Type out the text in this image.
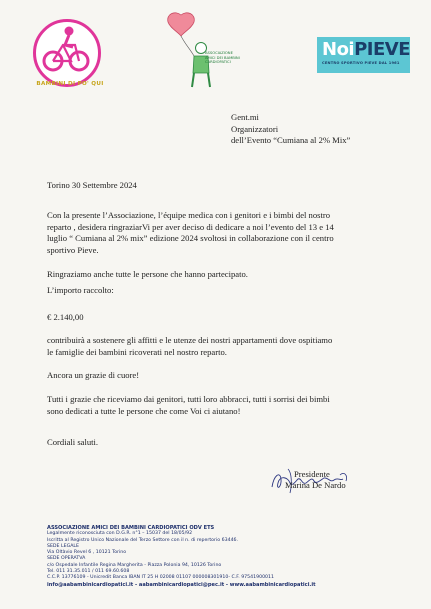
BAMBINI DI PO' QUI
ASSOCIAZIONE
AMICI DEI BAMBINI
CARDIOPATICI
NoiPIEVE
CENTRO SPORTIVO PIEVE DAL 1961
Gent.mi
Organizzatori
dell’Evento “Cumiana al 2% Mix”
Torino 30 Settembre 2024
Con la presente l’Associazione, l’équipe medica con i genitori e i bimbi del nostro
reparto , desidera ringraziarVi per aver deciso di dedicare a noi l’evento del 13 e 14
luglio “ Cumiana al 2% mix” edizione 2024 svoltosi in collaborazione con il centro
sportivo Pieve.
Ringraziamo anche tutte le persone che hanno partecipato.
L’importo raccolto:
€ 2.140,00
contribuirà a sostenere gli affitti e le utenze dei nostri appartamenti dove ospitiamo
le famiglie dei bambini ricoverati nel nostro reparto.
Ancora un grazie di cuore!
Tutti i grazie che riceviamo dai genitori, tutti loro abbracci, tutti i sorrisi dei bimbi
sono dedicati a tutte le persone che come Voi ci aiutano!
Cordiali saluti.
Presidente
Marina De Nardo
ASSOCIAZIONE AMICI DEI BAMBINI CARDIOPATICI ODV ETS
Legalmente riconosciuta con D.G.R. n°1 – 15037 del 18/05/92
Iscritta al Registro Unico Nazionale del Terzo Settore con il n. di repertorio 63446.
SEDE LEGALE
Via Oltàvio Revel 6 , 10121 Torino
SEDE OPERATVA
c/o Ospedale Infantile Regina Margherita - Piazza Polonia 94, 10126 Torino
Tel. 011 31.35.011 / 011 69.60.608
C.C.P. 13776109 - Unicredit Banca IBAN IT 25 H 02008 01107 000008301910- C.F. 97541900011
info@aabambinicardiopatici.it - aabambinicardiopatici@pec.it - www.aabambinicardiopatici.it
